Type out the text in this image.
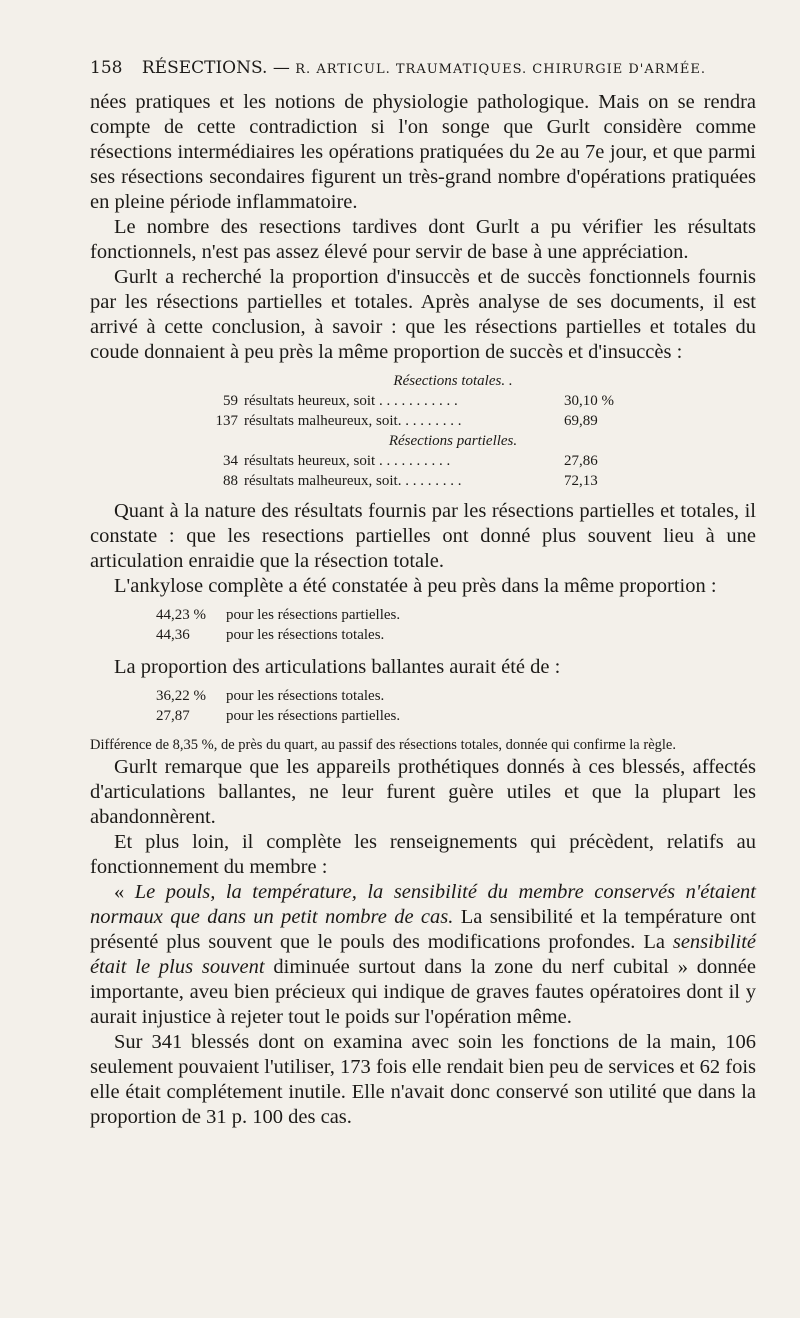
158 RÉSECTIONS. — R. ARTICUL. TRAUMATIQUES. CHIRURGIE D'ARMÉE.

nées pratiques et les notions de physiologie pathologique. Mais on se rendra compte de cette contradiction si l'on songe que Gurlt considère comme résections intermédiaires les opérations pratiquées du 2e au 7e jour, et que parmi ses résections secondaires figurent un très-grand nombre d'opérations pratiquées en pleine période inflammatoire.

Le nombre des resections tardives dont Gurlt a pu vérifier les résultats fonctionnels, n'est pas assez élevé pour servir de base à une appréciation.

Gurlt a recherché la proportion d'insuccès et de succès fonctionnels fournis par les résections partielles et totales. Après analyse de ses documents, il est arrivé à cette conclusion, à savoir : que les résections partielles et totales du coude donnaient à peu près la même proportion de succès et d'insuccès :

Résections totales. .
59 résultats heureux, soit . . . . . . . . . . .	30,10 %
137 résultats malheureux, soit. . . . . . . . .	69,89
Résections partielles.
34 résultats heureux, soit . . . . . . . . . .	27,86
88 résultats malheureux, soit. . . . . . . . .	72,13

Quant à la nature des résultats fournis par les résections partielles et totales, il constate : que les resections partielles ont donné plus souvent lieu à une articulation enraidie que la résection totale.

L'ankylose complète a été constatée à peu près dans la même proportion :

44,23 %	pour les résections partielles.
44,36	pour les résections totales.

La proportion des articulations ballantes aurait été de :

36,22 %	pour les résections totales.
27,87	pour les résections partielles.

Différence de 8,35 %, de près du quart, au passif des résections totales, donnée qui confirme la règle.

Gurlt remarque que les appareils prothétiques donnés à ces blessés, affectés d'articulations ballantes, ne leur furent guère utiles et que la plupart les abandonnèrent.

Et plus loin, il complète les renseignements qui précèdent, relatifs au fonctionnement du membre :

« Le pouls, la température, la sensibilité du membre conservés n'étaient normaux que dans un petit nombre de cas. La sensibilité et la température ont présenté plus souvent que le pouls des modifications profondes. La sensibilité était le plus souvent diminuée surtout dans la zone du nerf cubital » donnée importante, aveu bien précieux qui indique de graves fautes opératoires dont il y aurait injustice à rejeter tout le poids sur l'opération même.

Sur 341 blessés dont on examina avec soin les fonctions de la main, 106 seulement pouvaient l'utiliser, 173 fois elle rendait bien peu de services et 62 fois elle était complétement inutile. Elle n'avait donc conservé son utilité que dans la proportion de 31 p. 100 des cas.
